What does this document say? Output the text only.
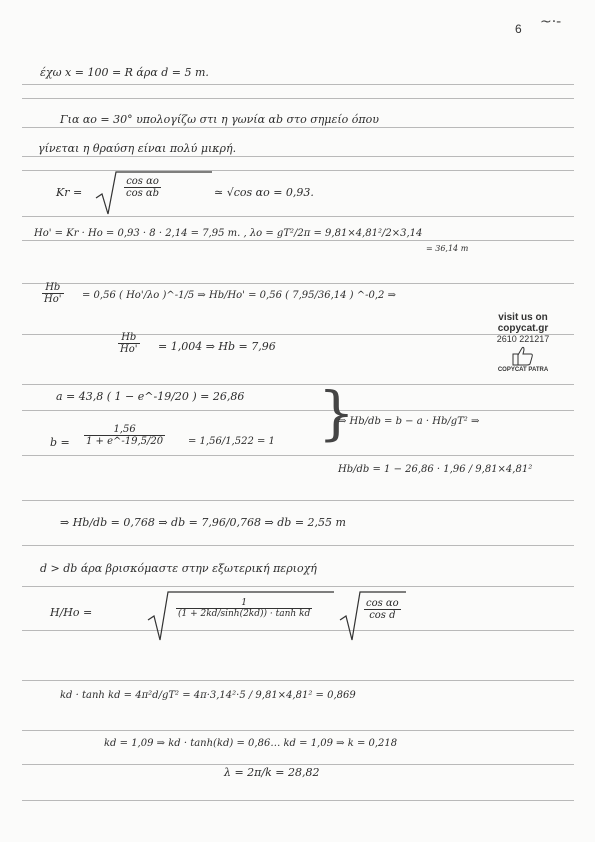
6 ~·-
έχω x = 100 = R άρα d = 5 m.
Για αο = 30° υπολογίζω στι η γωνία αb στο σημείο όπου
γίνεται η θραύση είναι πολύ μικρή.
Kr =	$\frac{\text{cos αο}}{\text{cos αb}}$	≃ √cos αο = 0,93.
Ho' = Kr · Ho = 0,93 · 8 · 2,14 = 7,95 m. , λο = gT²/2π = 9,81×4,81²/2×3,14
= 36,14 m
$\frac{Hb}{Ho'} = 0,56$ ( Ho'/λο )^-1/5 ⇒ Hb/Ho' = 0,56 ( 7,95/36,14 ) ^-0,2 ⇒
visit us on
copycat.gr
2610 221217
COPYCAT PATRA
$\frac{Hb}{Ho'} = 1,004$ ⇒ Hb = 7,96
a = 43,8 ( 1 − e^-19/20 ) = 26,86
$b = \frac{1,56}{1 + e\^{}-19,5/20} = 1,56/1,522 = 1$ }
⇒ Hb/db = b − a · Hb/gT² ⇒
Hb/db = 1 − 26,86 · 1,96 / 9,81×4,81²
⇒ Hb/db = 0,768 ⇒ db = 7,96/0,768 ⇒ db = 2,55 m
d > db άρα βρισκόμαστε στην εξωτερική περιοχή
H/Ho =	$\frac{1}{\text{(1 + 2kd/sinh(2kd)) · tanh kd}}$	$\frac{\text{cos αο}}{\text{cos d}}$
kd · tanh kd = 4π²d/gT² = 4π·3,14²·5 / 9,81×4,81² = 0,869
kd = 1,09 ⇒ kd · tanh(kd) = 0,86… kd = 1,09 ⇒ k = 0,218
λ = 2π/k = 28,82
